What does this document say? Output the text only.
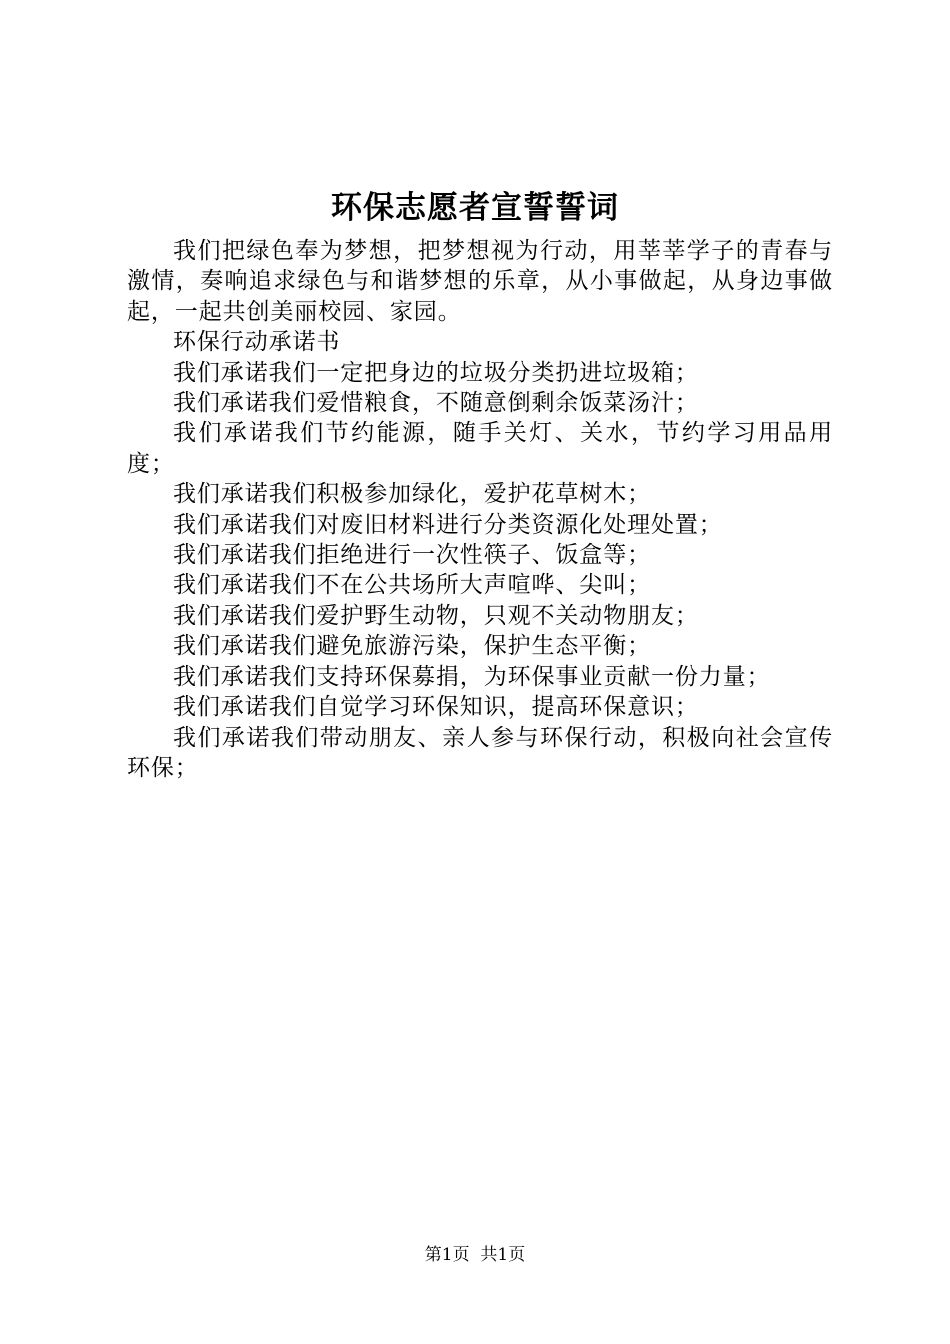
环保志愿者宣誓誓词

我们把绿色奉为梦想，把梦想视为行动，用莘莘学子的青春与激情，奏响追求绿色与和谐梦想的乐章，从小事做起，从身边事做起，一起共创美丽校园、家园。

环保行动承诺书

我们承诺我们一定把身边的垃圾分类扔进垃圾箱；

我们承诺我们爱惜粮食，不随意倒剩余饭菜汤汁；

我们承诺我们节约能源，随手关灯、关水，节约学习用品用度；

我们承诺我们积极参加绿化，爱护花草树木；

我们承诺我们对废旧材料进行分类资源化处理处置；

我们承诺我们拒绝进行一次性筷子、饭盒等；

我们承诺我们不在公共场所大声喧哗、尖叫；

我们承诺我们爱护野生动物，只观不关动物朋友；

我们承诺我们避免旅游污染，保护生态平衡；

我们承诺我们支持环保募捐，为环保事业贡献一份力量；

我们承诺我们自觉学习环保知识，提高环保意识；

我们承诺我们带动朋友、亲人参与环保行动，积极向社会宣传环保；

第1页  共1页
